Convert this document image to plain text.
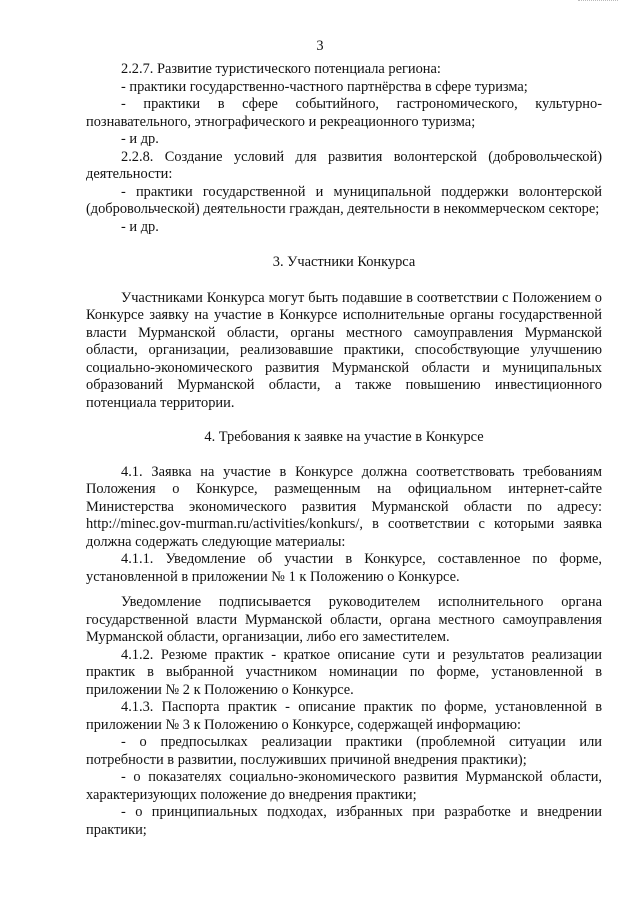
3
2.2.7. Развитие туристического потенциала региона:
- практики государственно-частного партнёрства в сфере туризма;
- практики в сфере событийного, гастрономического, культурно-познавательного, этнографического и рекреационного туризма;
- и др.
2.2.8. Создание условий для развития волонтерской (добровольческой) деятельности:
- практики государственной и муниципальной поддержки волонтерской (добровольческой) деятельности граждан, деятельности в некоммерческом секторе;
- и др.
3. Участники Конкурса
Участниками Конкурса могут быть подавшие в соответствии с Положением о Конкурсе заявку на участие в Конкурсе исполнительные органы государственной власти Мурманской области, органы местного самоуправления Мурманской области, организации, реализовавшие практики, способствующие улучшению социально-экономического развития Мурманской области и муниципальных образований Мурманской области, а также повышению инвестиционного потенциала территории.
4. Требования к заявке на участие в Конкурсе
4.1. Заявка на участие в Конкурсе должна соответствовать требованиям Положения о Конкурсе, размещенным на официальном интернет-сайте Министерства экономического развития Мурманской области по адресу: http://minec.gov-murman.ru/activities/konkurs/, в соответствии с которыми заявка должна содержать следующие материалы:
4.1.1. Уведомление об участии в Конкурсе, составленное по форме, установленной в приложении № 1 к Положению о Конкурсе.
Уведомление подписывается руководителем исполнительного органа государственной власти Мурманской области, органа местного самоуправления Мурманской области, организации, либо его заместителем.
4.1.2. Резюме практик - краткое описание сути и результатов реализации практик в выбранной участником номинации по форме, установленной в приложении № 2 к Положению о Конкурсе.
4.1.3. Паспорта практик - описание практик по форме, установленной в приложении № 3 к Положению о Конкурсе, содержащей информацию:
- о предпосылках реализации практики (проблемной ситуации или потребности в развитии, послуживших причиной внедрения практики);
- о показателях социально-экономического развития Мурманской области, характеризующих положение до внедрения практики;
- о принципиальных подходах, избранных при разработке и внедрении практики;
